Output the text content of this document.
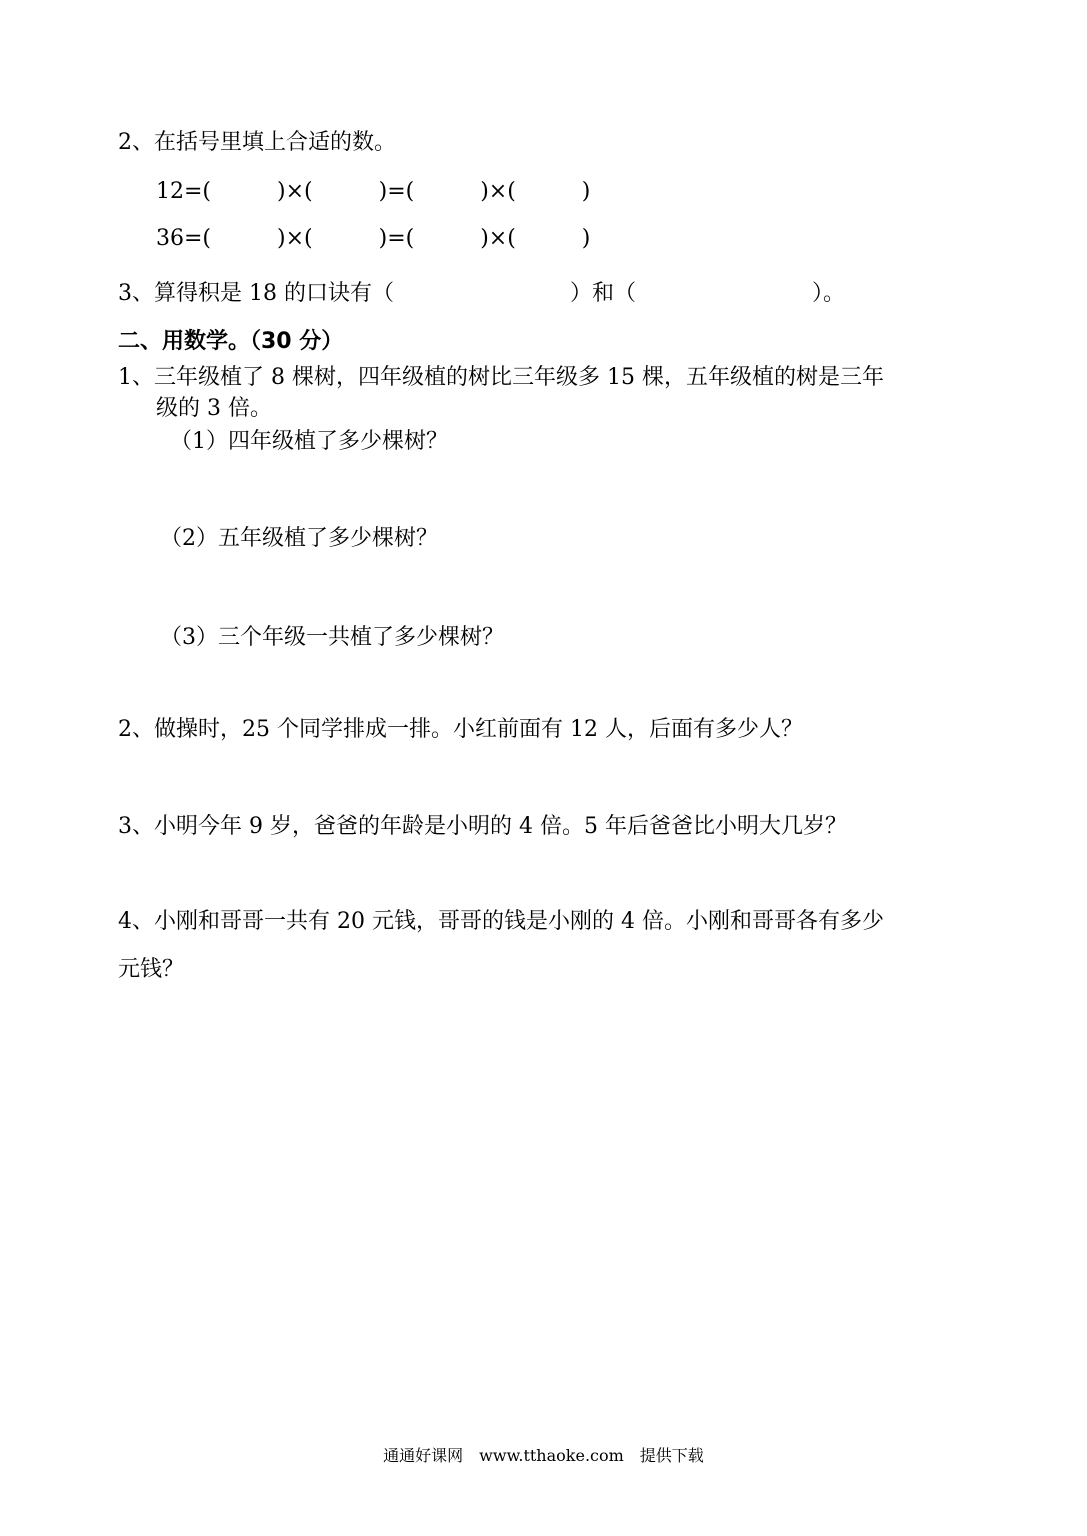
2、在括号里填上合适的数。

12=(　　　)×(　　　)=(　　　)×(　　　)

36=(　　　)×(　　　)=(　　　)×(　　　)

3、算得积是 18 的口诀有（　　　　　　　　）和（　　　　　　　　）。

二、用数学。（30 分）

1、三年级植了 8 棵树，四年级植的树比三年级多 15 棵，五年级植的树是三年

级的 3 倍。

（1）四年级植了多少棵树？

（2）五年级植了多少棵树？

（3）三个年级一共植了多少棵树？

2、做操时，25 个同学排成一排。小红前面有 12 人，后面有多少人？

3、小明今年 9 岁，爸爸的年龄是小明的 4 倍。5 年后爸爸比小明大几岁？

4、小刚和哥哥一共有 20 元钱，哥哥的钱是小刚的 4 倍。小刚和哥哥各有多少

元钱？

通通好课网　www.tthaoke.com　提供下载
